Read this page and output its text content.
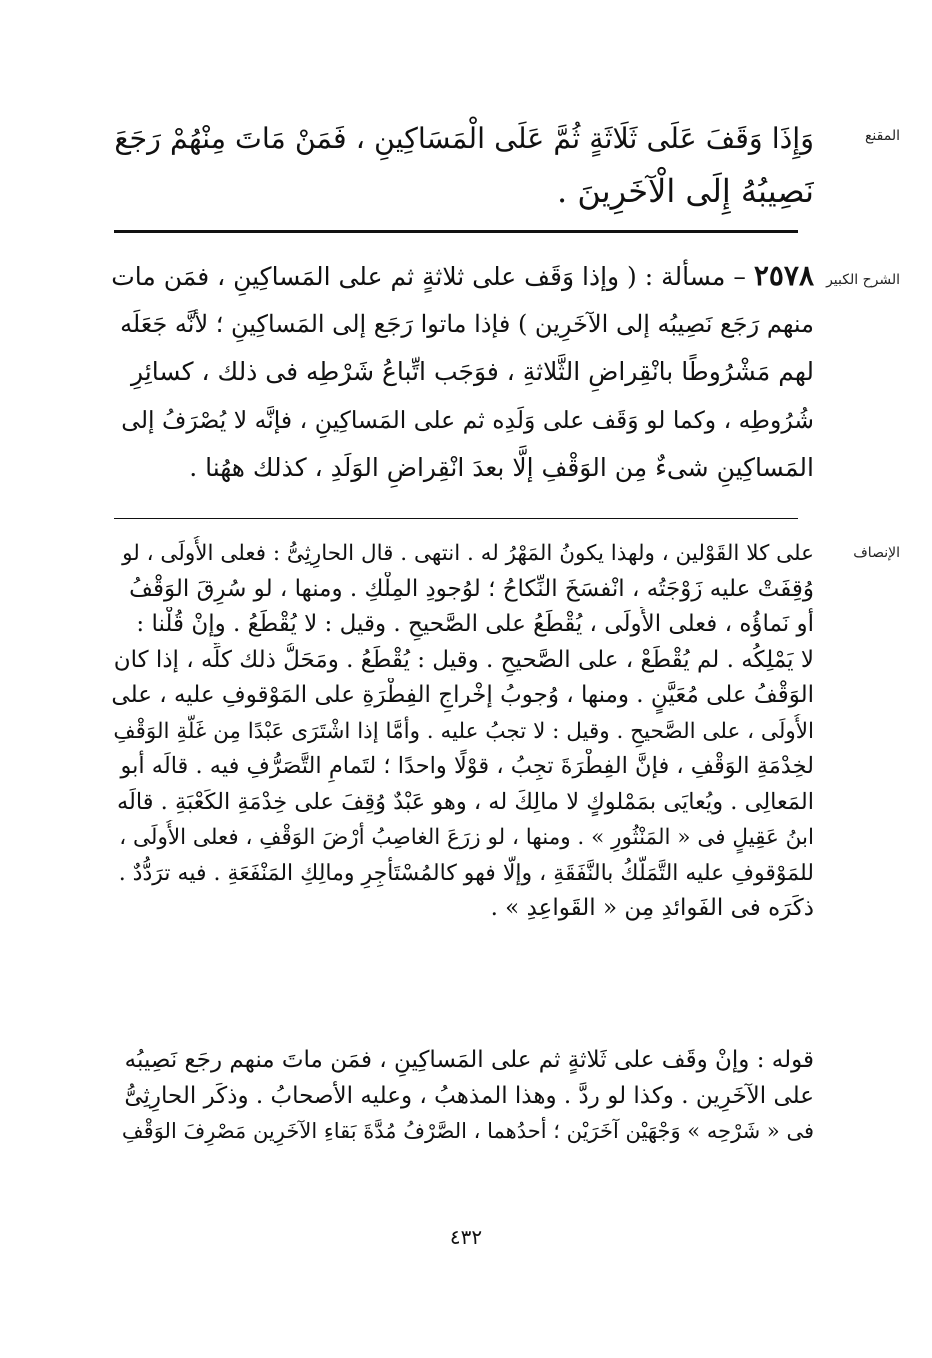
المقنع
وَإِذَا وَقَفَ عَلَى ثَلَاثَةٍ ثُمَّ عَلَى الْمَسَاكِينِ ، فَمَنْ مَاتَ مِنْهُمْ رَجَعَ
نَصِيبُهُ إِلَى الْآخَرِينَ .
الشرح الكبير
٢٥٧٨ – مسألة : ( وإذا وَقَف على ثلاثةٍ ثم على المَساكِينِ ، فمَن مات
منهم رَجَع نَصِيبُه إلى الآخَرِين ) فإذا ماتوا رَجَع إلى المَساكِينِ ؛ لأنَّه جَعَلَه
لهم مَشْرُوطًا بانْقِراضِ الثَّلاثةِ ، فوَجَب اتِّباعُ شَرْطِه فى ذلك ، كسائِرِ
شُرُوطِه ، وكما لو وَقَف على وَلَدِه ثم على المَساكِينِ ، فإنَّه لا يُصْرَفُ إلى
المَساكِينِ شىءٌ مِن الوَقْفِ إلَّا بعدَ انْقِراضِ الوَلَدِ ، كذلك ههُنا .
الإنصاف
على كلا القَوْلين ، ولهذا يكونُ المَهْرُ له . انتهى . قال الحارِثِىُّ : فعلى الأُولَى ، لو
وُقِفَتْ عليه زَوْجَتُه ، انْفسَخَ النِّكاحُ ؛ لوُجودِ المِلْكِ . ومنها ، لو سُرِقَ الوَقْفُ
أو نَماؤُه ، فعلى الأُولَى ، يُقْطَعُ على الصَّحيحِ . وقيل : لا يُقْطَعُ . وإنْ قُلْنا :
لا يَمْلِكُه . لم يُقْطَعْ ، على الصَّحيحِ . وقيل : يُقْطَعُ . ومَحَلُّ ذلك كلِّه ، إذا كان
الوَقْفُ على مُعَيَّنٍ . ومنها ، وُجوبُ إخْراجِ الفِطْرَةِ على المَوْقوفِ عليه ، على
الأُولَى ، على الصَّحيحِ . وقيل : لا تجبُ عليه . وأمَّا إذا اشْتَرَى عَبْدًا مِن غَلَّةِ الوَقْفِ
لخِدْمَةِ الوَقْفِ ، فإنَّ الفِطْرَةَ تجِبُ ، قوْلًا واحدًا ؛ لتَمامِ التَّصَرُّفِ فيه . قالَه أبو
المَعالِى . ويُعايَى بمَمْلوكٍ لا مالِكَ له ، وهو عَبْدٌ وُقِفَ على خِدْمَةِ الكَعْبَةِ . قالَه
ابنُ عَقِيلٍ فى « المَنْثُورِ » . ومنها ، لو زرَعَ الغاصِبُ أرْضَ الوَقْفِ ، فعلى الأُولَى ،
للمَوْقوفِ عليه التَّمَلُّكُ بالنَّفَقَةِ ، وإلَّا فهو كالمُسْتَأْجِرِ ومالِكِ المَنْفَعَةِ . فيه ترَدُّدٌ .
ذكَرَه فى الفَوائدِ مِن « القَواعِدِ » .
قوله : وإنْ وقَف على ثَلاثةٍ ثم على المَساكِينِ ، فمَن ماتَ منهم رجَع نَصِيبُه
على الآخَرِين . وكذا لو ردَّ . وهذا المذهبُ ، وعليه الأصحابُ . وذكَر الحارِثِىُّ
فى « شَرْحِه » وَجْهَيْن آخَرَيْن ؛ أحدُهما ، الصَّرْفُ مُدَّةَ بَقاءِ الآخَرِين مَصْرِفَ الوَقْفِ
٤٣٢
